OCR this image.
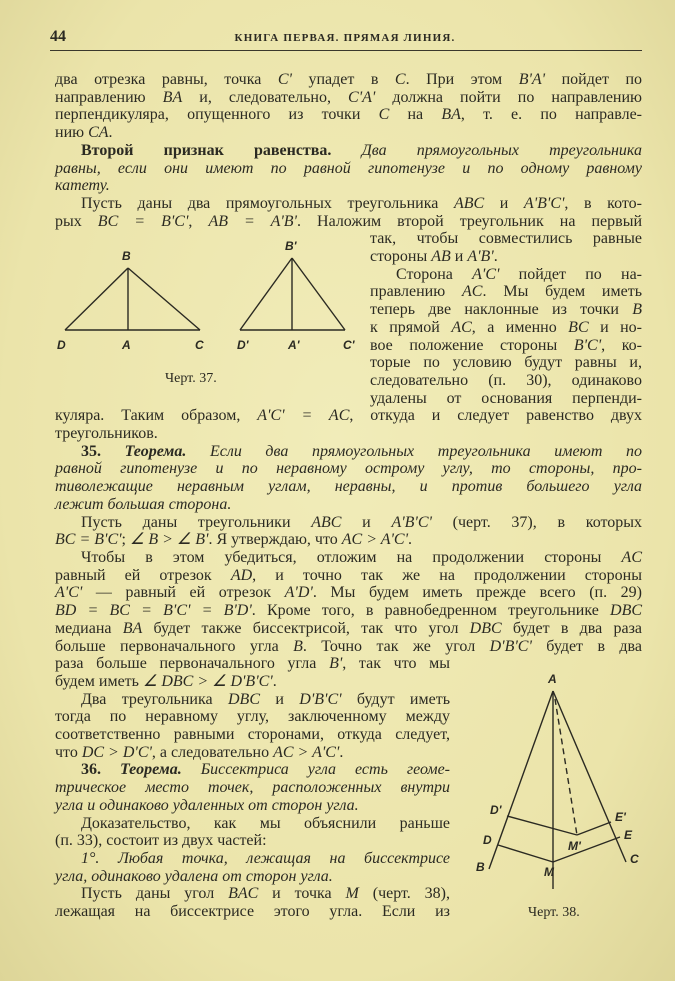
44	КНИГА ПЕРВАЯ. ПРЯМАЯ ЛИНИЯ.
два отрезка равны, точка C' упадет в C. При этом B'A' пойдет по
направлению BA и, следовательно, C'A' должна пойти по направлению
перпендикуляра, опущенного из точки C на BA, т. е. по направле-
нию CA.
Второй признак равенства. Два прямоугольных треугольника
равны, если они имеют по равной гипотенузе и по одному равному
катету.
Пусть даны два прямоугольных треугольника ABC и A'B'C', в кото-
рых BC = B'C', AB = A'B'. Наложим второй треугольник на первый
B
D	A	C
B'
D'	A'	C'
Черт. 37.
так, чтобы совместились равные
стороны AB и A'B'.
Сторона A'C' пойдет по на-
правлению AC. Мы будем иметь
теперь две наклонные из точки B
к прямой AC, а именно BC и но-
вое положение стороны B'C', ко-
торые по условию будут равны и,
следовательно (п. 30), одинаково
удалены от основания перпенди-
куляра. Таким образом, A'C' = AC, откуда и следует равенство двух
треугольников.
35. Теорема. Если два прямоугольных треугольника имеют по
равной гипотенузе и по неравному острому углу, то стороны, про-
тиволежащие неравным углам, неравны, и против большего угла
лежит большая сторона.
Пусть даны треугольники ABC и A'B'C' (черт. 37), в которых
BC = B'C'; ∠ B > ∠ B'. Я утверждаю, что AC > A'C'.
Чтобы в этом убедиться, отложим на продолжении стороны AC
равный ей отрезок AD, и точно так же на продолжении стороны
A'C' — равный ей отрезок A'D'. Мы будем иметь прежде всего (п. 29)
BD = BC = B'C' = B'D'. Кроме того, в равнобедренном треугольнике DBC
медиана BA будет также биссектрисой, так что угол DBC будет в два раза
больше первоначального угла B. Точно так же угол D'B'C' будет в два
A
D'	E'
D	E
M'
B
C
M
Черт. 38.
раза больше первоначального угла B', так что мы
будем иметь ∠ DBC > ∠ D'B'C'.
Два треугольника DBC и D'B'C' будут иметь
тогда по неравному углу, заключенному между
соответственно равными сторонами, откуда следует,
что DC > D'C', а следовательно AC > A'C'.
36. Теорема. Биссектриса угла есть геоме-
трическое место точек, расположенных внутри
угла и одинаково удаленных от сторон угла.
Доказательство, как мы объяснили раньше
(п. 33), состоит из двух частей:
1°. Любая точка, лежащая на биссектрисе
угла, одинаково удалена от сторон угла.
Пусть даны угол BAC и точка M (черт. 38),
лежащая на биссектрисе этого угла. Если из
